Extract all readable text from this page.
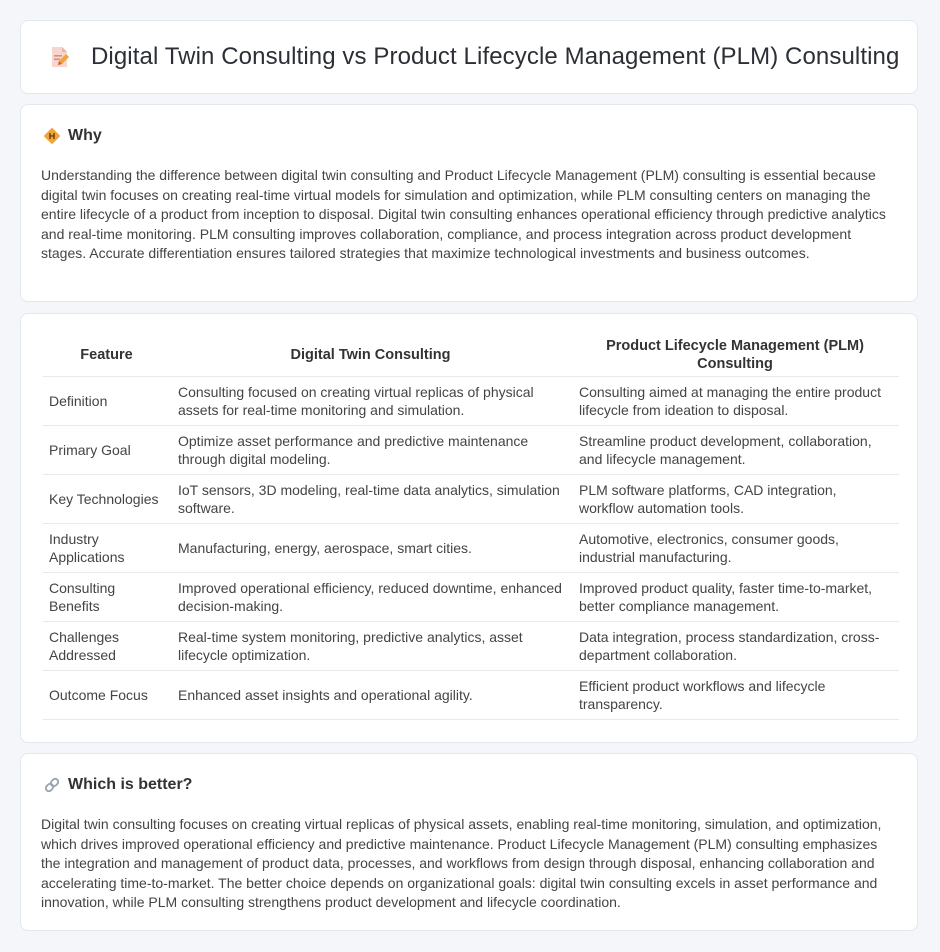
Digital Twin Consulting vs Product Lifecycle Management (PLM) Consulting
Why

Understanding the difference between digital twin consulting and Product Lifecycle Management (PLM) consulting is essential because digital twin focuses on creating real-time virtual models for simulation and optimization, while PLM consulting centers on managing the entire lifecycle of a product from inception to disposal. Digital twin consulting enhances operational efficiency through predictive analytics and real-time monitoring. PLM consulting improves collaboration, compliance, and process integration across product development stages. Accurate differentiation ensures tailored strategies that maximize technological investments and business outcomes.

Feature	Digital Twin Consulting	Product Lifecycle Management (PLM) Consulting
Definition	Consulting focused on creating virtual replicas of physical assets for real-time monitoring and simulation.	Consulting aimed at managing the entire product lifecycle from ideation to disposal.
Primary Goal	Optimize asset performance and predictive maintenance through digital modeling.	Streamline product development, collaboration, and lifecycle management.
Key Technologies	IoT sensors, 3D modeling, real-time data analytics, simulation software.	PLM software platforms, CAD integration, workflow automation tools.
Industry Applications	Manufacturing, energy, aerospace, smart cities.	Automotive, electronics, consumer goods, industrial manufacturing.
Consulting Benefits	Improved operational efficiency, reduced downtime, enhanced decision-making.	Improved product quality, faster time-to-market, better compliance management.
Challenges Addressed	Real-time system monitoring, predictive analytics, asset lifecycle optimization.	Data integration, process standardization, cross-department collaboration.
Outcome Focus	Enhanced asset insights and operational agility.	Efficient product workflows and lifecycle transparency.
Which is better?

Digital twin consulting focuses on creating virtual replicas of physical assets, enabling real-time monitoring, simulation, and optimization, which drives improved operational efficiency and predictive maintenance. Product Lifecycle Management (PLM) consulting emphasizes the integration and management of product data, processes, and workflows from design through disposal, enhancing collaboration and accelerating time-to-market. The better choice depends on organizational goals: digital twin consulting excels in asset performance and innovation, while PLM consulting strengthens product development and lifecycle coordination.
